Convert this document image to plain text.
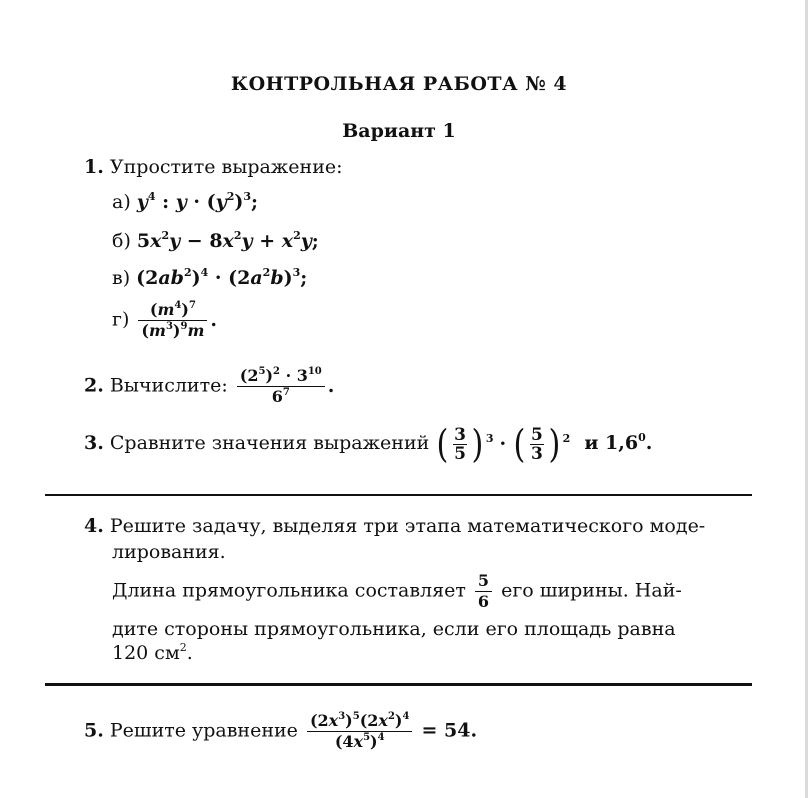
КОНТРОЛЬНАЯ РАБОТА № 4
Вариант 1
1. Упростите выражение:
а) $y^4$ : $y \cdot (y^2)^3$;
б) $5x^2y - 8x^2y + x^2y$;
в) $(2ab^2)^4 \cdot (2a^2b)^3$;
$г) \frac{(m^4)^7}{(m^3)^9m}$ .
2. Вычислите: $\frac{(2^5)^2 \cdot 3^{10}}{6^7}$ .
3. Сравните значения выражений ( $\frac{3}{5}$ ) 3 · ( $\frac{5}{3}$ ) 2 и $1,6^0$.
4. Решите задачу, выделяя три этапа математического моде-
лирования.
Длина прямоугольника составляет $\frac{5}{6}$ его ширины. Най-
дите стороны прямоугольника, если его площадь равна
120 $см^2$.
5. Решите уравнение $\frac{(2x^3)^5(2x^2)^4}{(4x^5)^4} = 54$.
